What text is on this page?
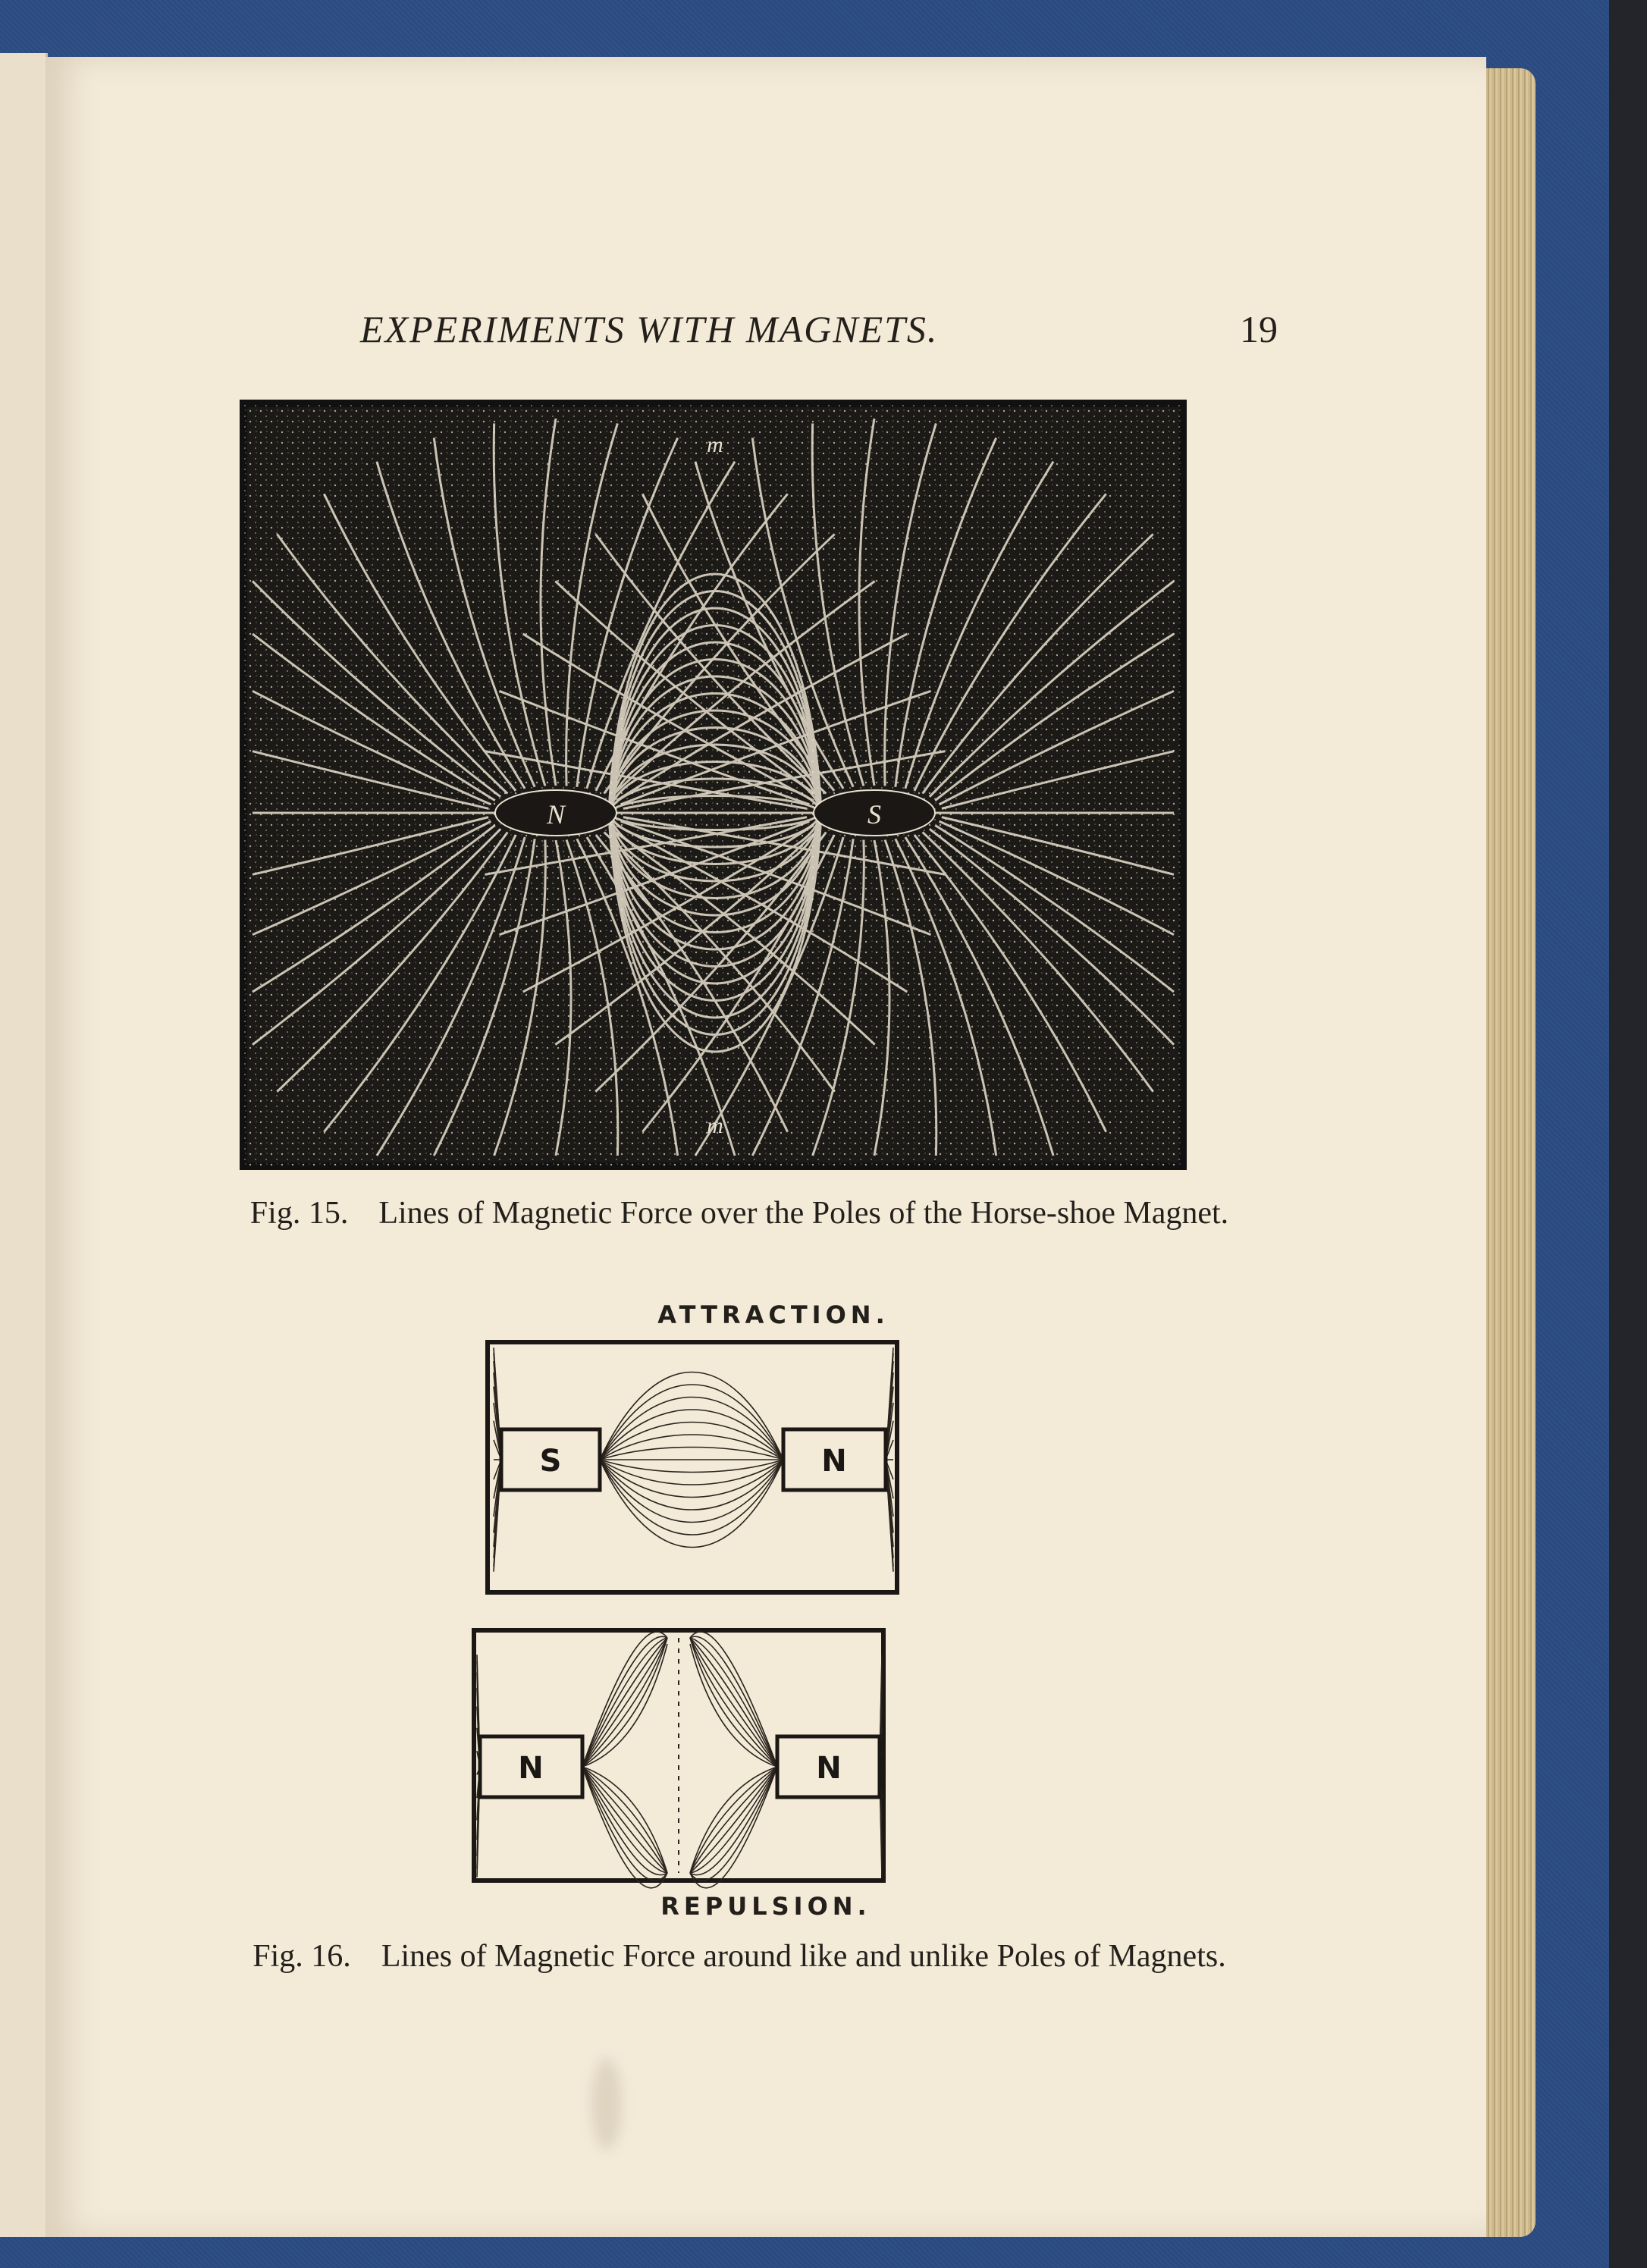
EXPERIMENTS WITH MAGNETS.	19
N	S
m
m
Fig. 15. Lines of Magnetic Force over the Poles of the Horse-shoe Magnet.
ATTRACTION.
S	N
N	N
REPULSION.
Fig. 16. Lines of Magnetic Force around like and unlike Poles of Magnets.
